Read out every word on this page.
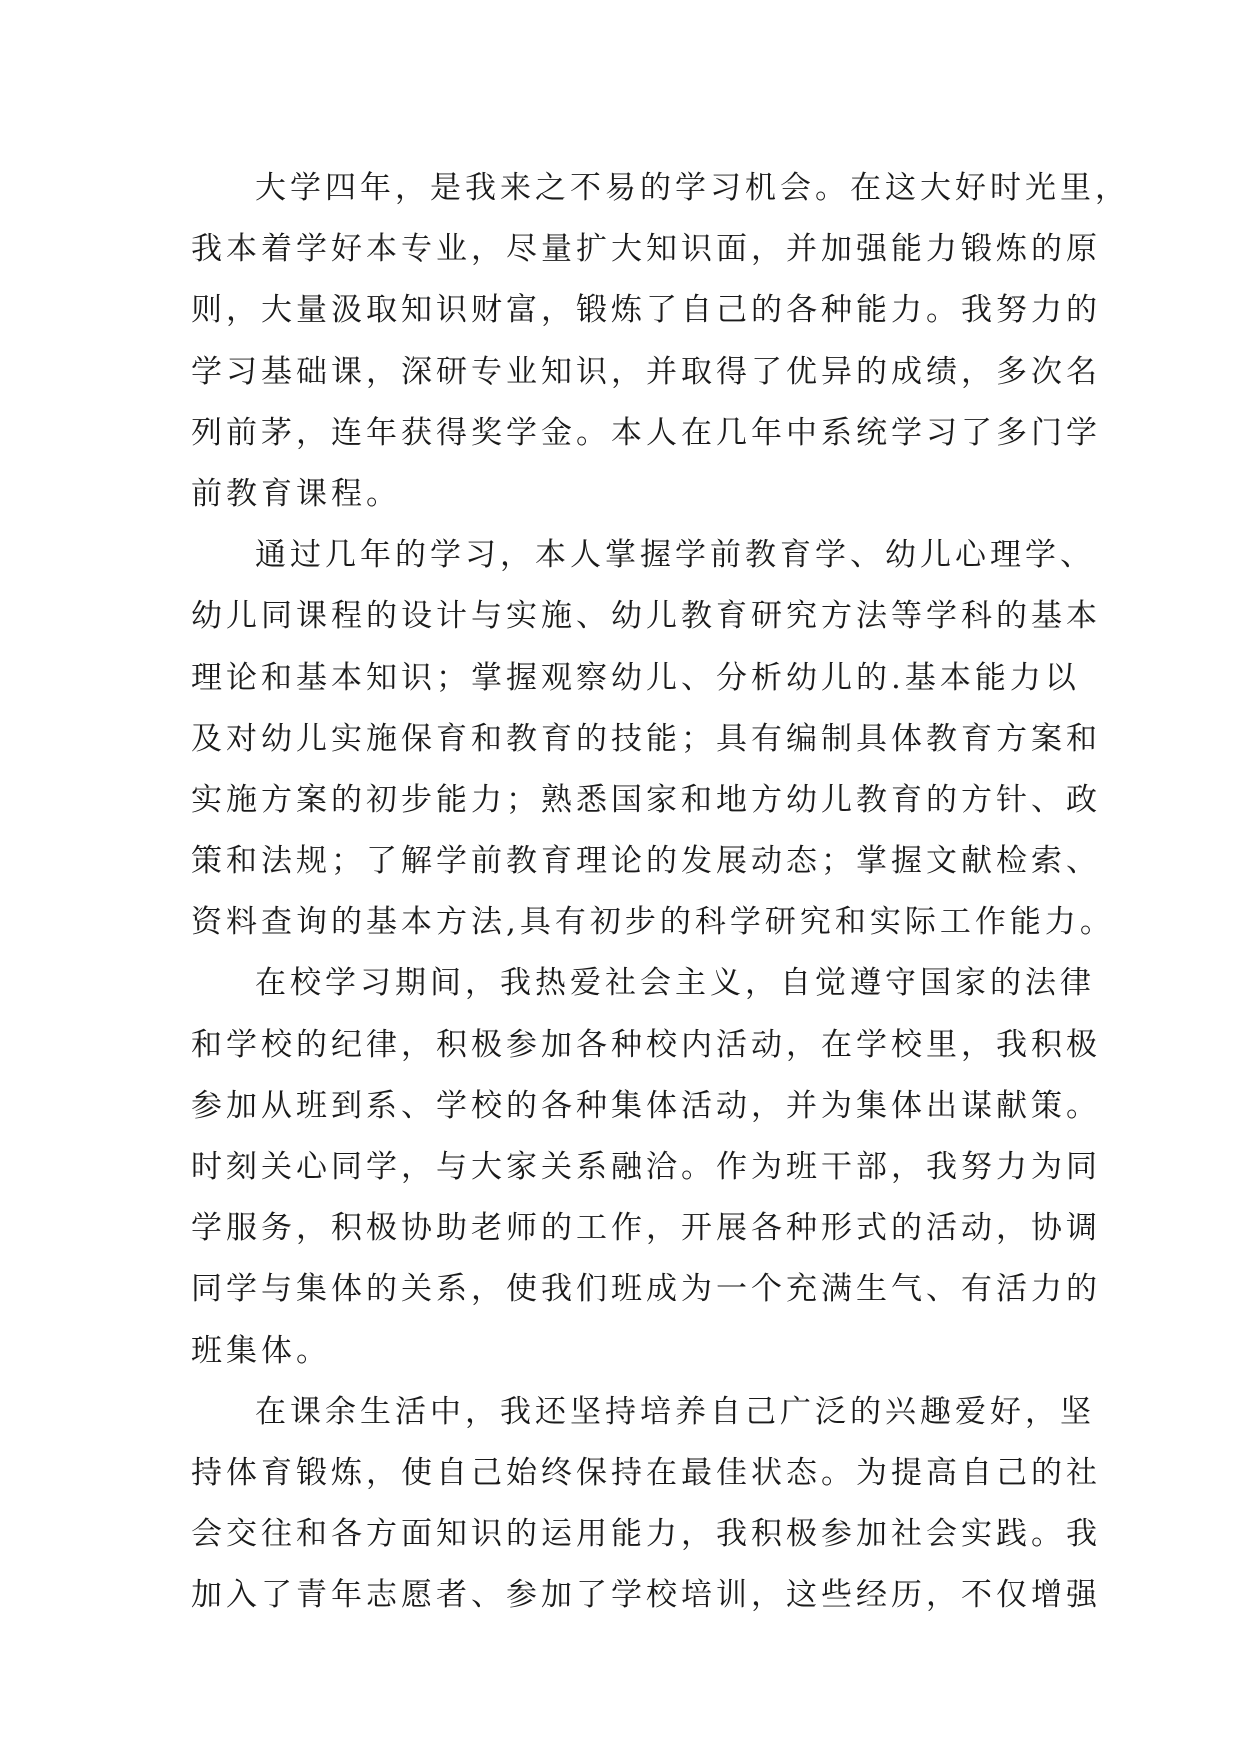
大学四年，是我来之不易的学习机会。在这大好时光里，
我本着学好本专业，尽量扩大知识面，并加强能力锻炼的原
则，大量汲取知识财富，锻炼了自己的各种能力。我努力的
学习基础课，深研专业知识，并取得了优异的成绩，多次名
列前茅，连年获得奖学金。本人在几年中系统学习了多门学
前教育课程。
通过几年的学习，本人掌握学前教育学、幼儿心理学、
幼儿同课程的设计与实施、幼儿教育研究方法等学科的基本
理论和基本知识；掌握观察幼儿、分析幼儿的.基本能力以
及对幼儿实施保育和教育的技能；具有编制具体教育方案和
实施方案的初步能力；熟悉国家和地方幼儿教育的方针、政
策和法规；了解学前教育理论的发展动态；掌握文献检索、
资料查询的基本方法,具有初步的科学研究和实际工作能力。
在校学习期间，我热爱社会主义，自觉遵守国家的法律
和学校的纪律，积极参加各种校内活动，在学校里，我积极
参加从班到系、学校的各种集体活动，并为集体出谋献策。
时刻关心同学，与大家关系融洽。作为班干部，我努力为同
学服务，积极协助老师的工作，开展各种形式的活动，协调
同学与集体的关系，使我们班成为一个充满生气、有活力的
班集体。
在课余生活中，我还坚持培养自己广泛的兴趣爱好，坚
持体育锻炼，使自己始终保持在最佳状态。为提高自己的社
会交往和各方面知识的运用能力，我积极参加社会实践。我
加入了青年志愿者、参加了学校培训，这些经历，不仅增强
